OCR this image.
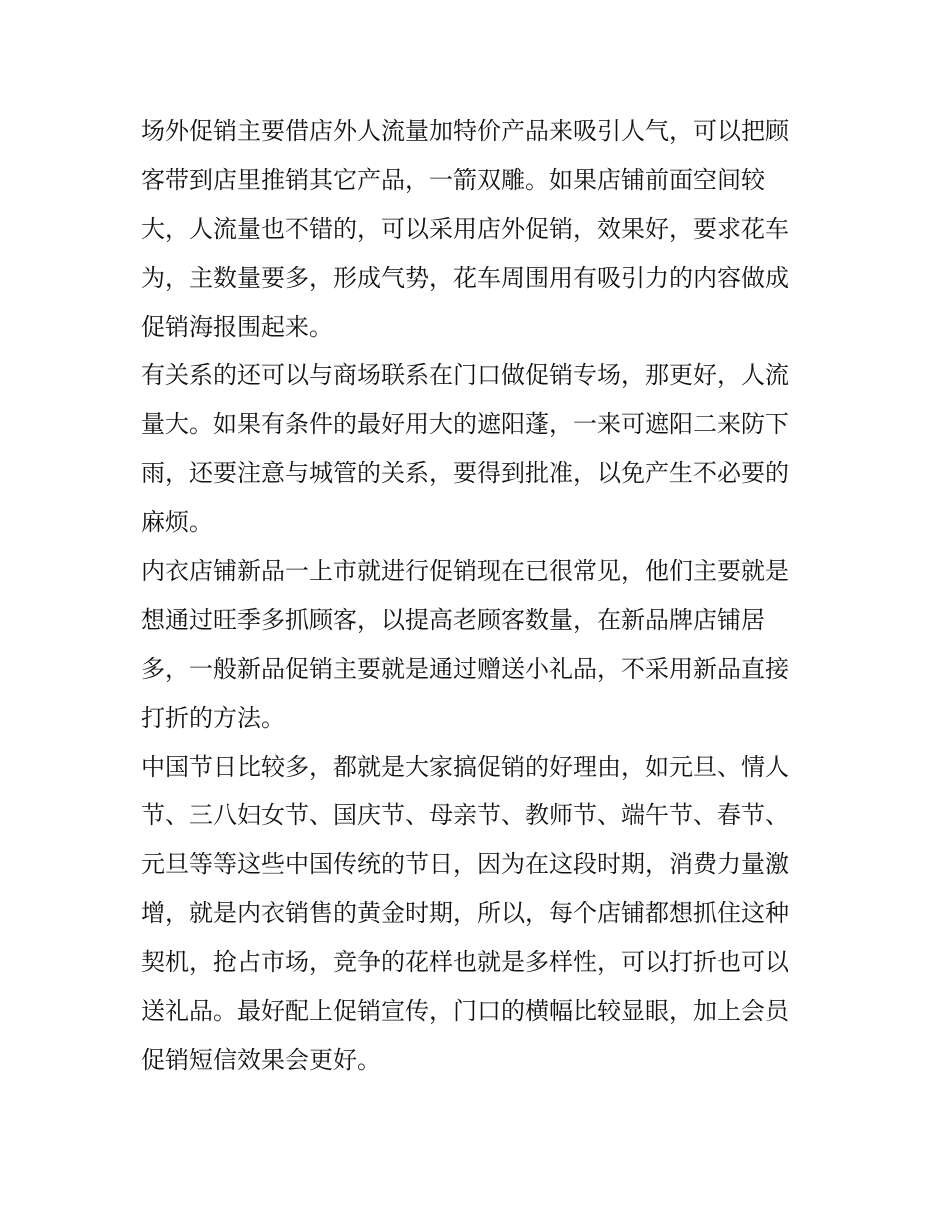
场外促销主要借店外人流量加特价产品来吸引人气，可以把顾
客带到店里推销其它产品，一箭双雕。如果店铺前面空间较
大，人流量也不错的，可以采用店外促销，效果好，要求花车
为，主数量要多，形成气势，花车周围用有吸引力的内容做成
促销海报围起来。
有关系的还可以与商场联系在门口做促销专场，那更好，人流
量大。如果有条件的最好用大的遮阳蓬，一来可遮阳二来防下
雨，还要注意与城管的关系，要得到批准，以免产生不必要的
麻烦。
内衣店铺新品一上市就进行促销现在已很常见，他们主要就是
想通过旺季多抓顾客，以提高老顾客数量，在新品牌店铺居
多，一般新品促销主要就是通过赠送小礼品，不采用新品直接
打折的方法。
中国节日比较多，都就是大家搞促销的好理由，如元旦、情人
节、三八妇女节、国庆节、母亲节、教师节、端午节、春节、
元旦等等这些中国传统的节日，因为在这段时期，消费力量激
增，就是内衣销售的黄金时期，所以，每个店铺都想抓住这种
契机，抢占市场，竞争的花样也就是多样性，可以打折也可以
送礼品。最好配上促销宣传，门口的横幅比较显眼，加上会员
促销短信效果会更好。
